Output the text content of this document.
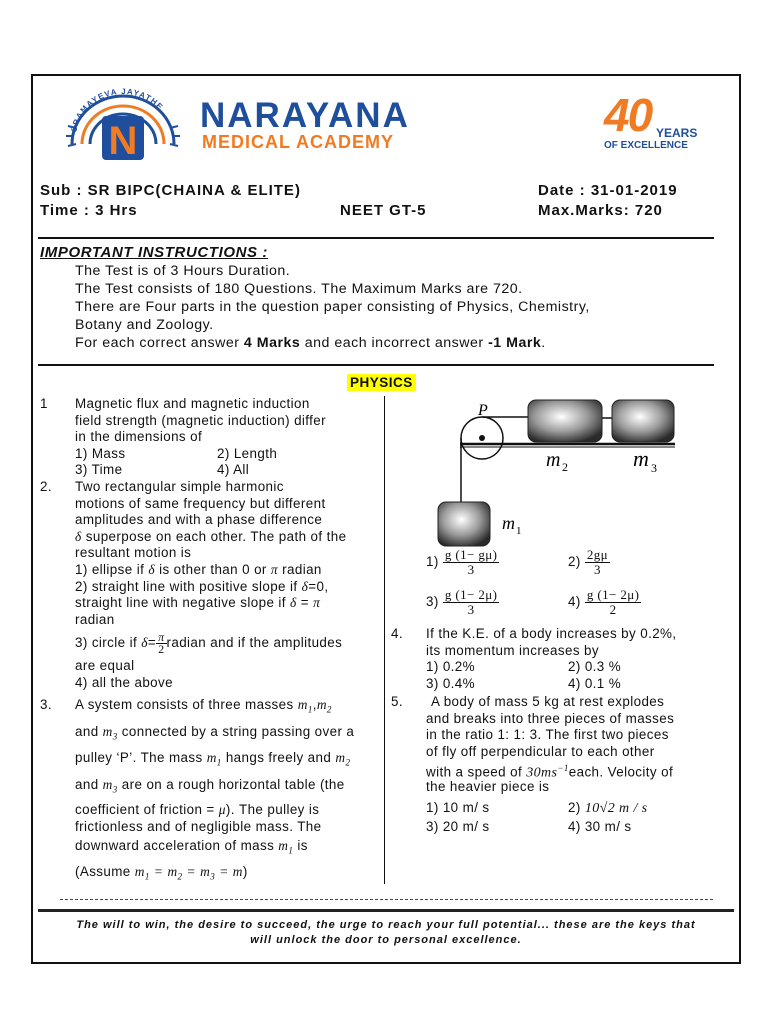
N
SRAMAYEVA JAYATHE NARAYANA
MEDICAL ACADEMY
40 YEARS
OF EXCELLENCE
Sub : SR BIPC(CHAINA & ELITE)	Date : 31-01-2019
Time : 3 Hrs	NEET GT-5	Max.Marks: 720
IMPORTANT INSTRUCTIONS :
The Test is of 3 Hours Duration.
The Test consists of 180 Questions. The Maximum Marks are 720.
There are Four parts in the question paper consisting of Physics, Chemistry,
Botany and Zoology.
For each correct answer 4 Marks and each incorrect answer -1 Mark.
PHYSICS
1 Magnetic flux and magnetic induction
field strength (magnetic induction) differ
in the dimensions of
1) Mass	2) Length
3) Time	4) All
2. Two rectangular simple harmonic
motions of same frequency but different
amplitudes and with a phase difference
δ superpose on each other. The path of the
resultant motion is
1) ellipse if δ is other than 0 or π radian
2) straight line with positive slope if δ=0,
straight line with negative slope if δ = π
radian
3) circle if $\delta= \frac{\pi}{2}$ radian and if the amplitudes
are equal
4) all the above
3. A system consists of three masses $m_1,m_2$
and $m_3$ connected by a string passing over a
pulley ‘P’. The mass $m_1$ hangs freely and $m_2$
and $m_3$ are on a rough horizontal table (the
coefficient of friction = μ). The pulley is
frictionless and of negligible mass. The
downward acceleration of mass $m_1$ is
(Assume $m_1 = m_2 = m_3 = m$)
P
m 2	m 3
m 1
$1) \frac{g (1- g\mu)}{3}$	$2) \frac{2g\mu}{3}$
$3) \frac{g (1- 2\mu)}{3}$	$4) \frac{g (1- 2\mu)}{2}$
4. If the K.E. of a body increases by 0.2%,
its momentum increases by
1) 0.2%	2) 0.3 %
3) 0.4%	4) 0.1 %
5.	A body of mass 5 kg at rest explodes
and breaks into three pieces of masses
in the ratio 1: 1: 3. The first two pieces
of fly off perpendicular to each other
with a speed of $30ms^{-1}each$. Velocity of
the heavier piece is
1) 10 m/ s	2) 10√2 m / s
3) 20 m/ s	4) 30 m/ s
The will to win, the desire to succeed, the urge to reach your full potential... these are the keys that
will unlock the door to personal excellence.
